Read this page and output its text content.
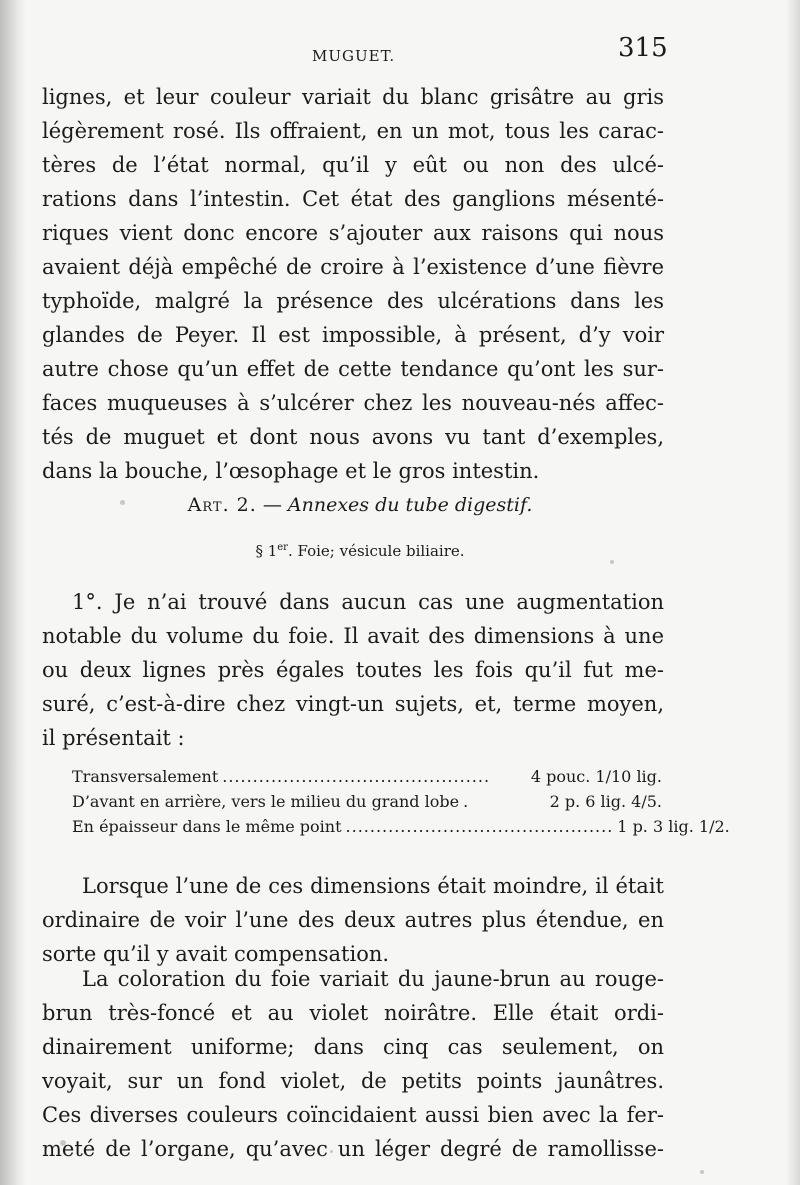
MUGUET.	315
lignes, et leur couleur variait du blanc grisâtre au gris
légèrement rosé. Ils offraient, en un mot, tous les carac-
tères de l’état normal, qu’il y eût ou non des ulcé-
rations dans l’intestin. Cet état des ganglions mésenté-
riques vient donc encore s’ajouter aux raisons qui nous
avaient déjà empêché de croire à l’existence d’une fièvre
typhoïde, malgré la présence des ulcérations dans les
glandes de Peyer. Il est impossible, à présent, d’y voir
autre chose qu’un effet de cette tendance qu’ont les sur-
faces muqueuses à s’ulcérer chez les nouveau-nés affec-
tés de muguet et dont nous avons vu tant d’exemples,
dans la bouche, l’œsophage et le gros intestin.
Art. 2. — Annexes du tube digestif.
§ 1er. Foie; vésicule biliaire.
1°. Je n’ai trouvé dans aucun cas une augmentation
notable du volume du foie. Il avait des dimensions à une
ou deux lignes près égales toutes les fois qu’il fut me-
suré, c’est-à-dire chez vingt-un sujets, et, terme moyen,
il présentait :
Transversalement ............................................	4 pouc. 1/10 lig.
D’avant en arrière, vers le milieu du grand lobe .	2 p. 6 lig. 4/5.
En épaisseur dans le même point ............................................ 1 p. 3 lig. 1/2.
Lorsque l’une de ces dimensions était moindre, il était
ordinaire de voir l’une des deux autres plus étendue, en
sorte qu’il y avait compensation.
La coloration du foie variait du jaune-brun au rouge-
brun très-foncé et au violet noirâtre. Elle était ordi-
dinairement uniforme; dans cinq cas seulement, on
voyait, sur un fond violet, de petits points jaunâtres.
Ces diverses couleurs coïncidaient aussi bien avec la fer-
meté de l’organe, qu’avec un léger degré de ramollisse-
